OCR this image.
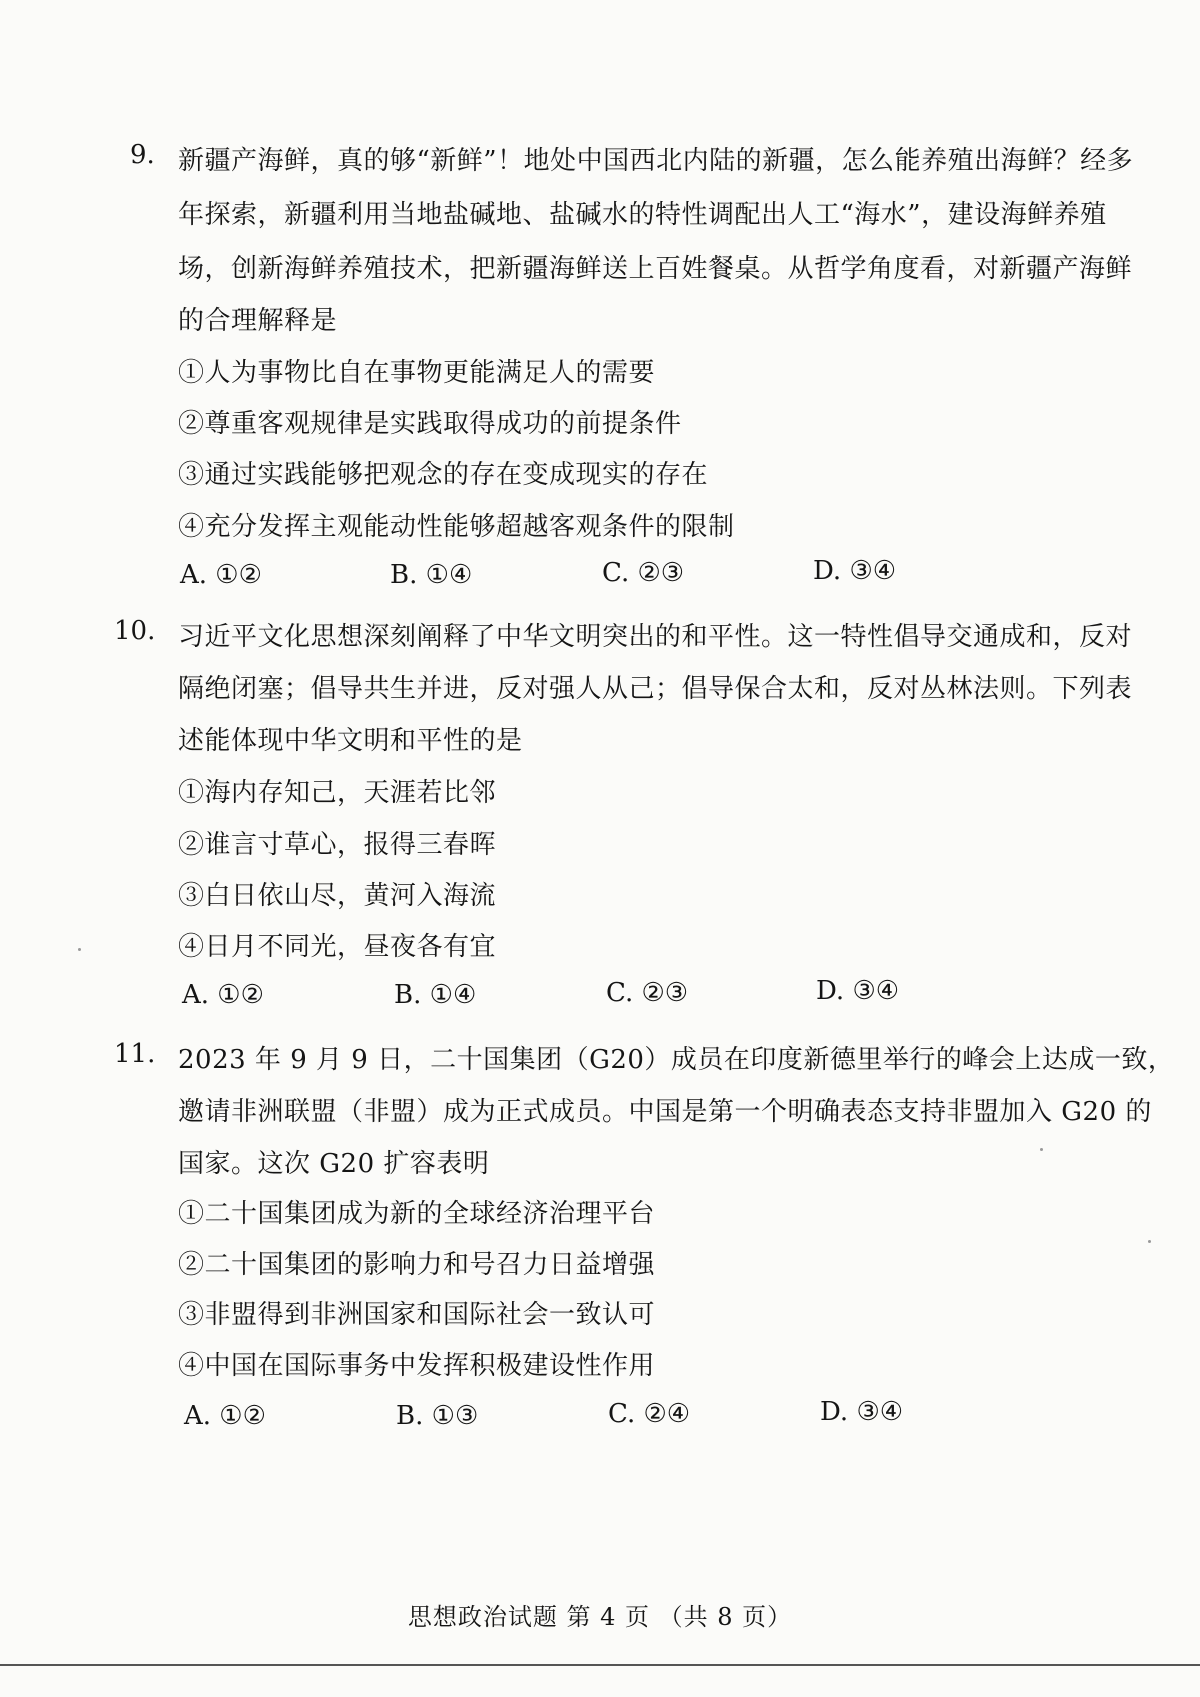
9. 新疆产海鲜，真的够“新鲜”！地处中国西北内陆的新疆，怎么能养殖出海鲜？经多
年探索，新疆利用当地盐碱地、盐碱水的特性调配出人工“海水”，建设海鲜养殖
场，创新海鲜养殖技术，把新疆海鲜送上百姓餐桌。从哲学角度看，对新疆产海鲜
的合理解释是
①人为事物比自在事物更能满足人的需要
②尊重客观规律是实践取得成功的前提条件
③通过实践能够把观念的存在变成现实的存在
④充分发挥主观能动性能够超越客观条件的限制
A. ①②	B. ①④	C. ②③	D. ③④
10. 习近平文化思想深刻阐释了中华文明突出的和平性。这一特性倡导交通成和，反对
隔绝闭塞；倡导共生并进，反对强人从己；倡导保合太和，反对丛林法则。下列表
述能体现中华文明和平性的是
①海内存知己，天涯若比邻
②谁言寸草心，报得三春晖
③白日依山尽，黄河入海流
④日月不同光，昼夜各有宜
A. ①②	B. ①④	C. ②③	D. ③④
11. 2023 年 9 月 9 日，二十国集团（G20）成员在印度新德里举行的峰会上达成一致，
邀请非洲联盟（非盟）成为正式成员。中国是第一个明确表态支持非盟加入 G20 的
国家。这次 G20 扩容表明
①二十国集团成为新的全球经济治理平台
②二十国集团的影响力和号召力日益增强
③非盟得到非洲国家和国际社会一致认可
④中国在国际事务中发挥积极建设性作用
A. ①②	B. ①③	C. ②④	D. ③④
思想政治试题 第 4 页 （共 8 页）
